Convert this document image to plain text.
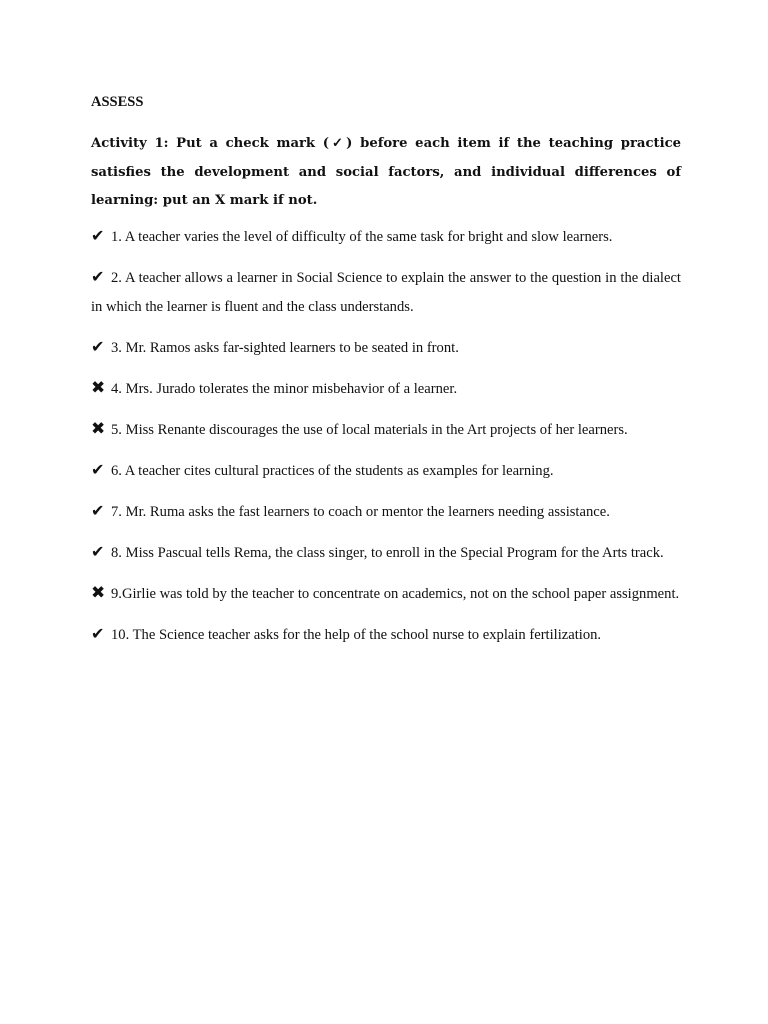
ASSESS
Activity 1: Put a check mark (✓) before each item if the teaching practice satisfies the development and social factors, and individual differences of learning: put an X mark if not.
✔ 1. A teacher varies the level of difficulty of the same task for bright and slow learners.
✔ 2. A teacher allows a learner in Social Science to explain the answer to the question in the dialect in which the learner is fluent and the class understands.
✔ 3. Mr. Ramos asks far-sighted learners to be seated in front.
✖ 4. Mrs. Jurado tolerates the minor misbehavior of a learner.
✖ 5. Miss Renante discourages the use of local materials in the Art projects of her learners.
✔ 6. A teacher cites cultural practices of the students as examples for learning.
✔ 7. Mr. Ruma asks the fast learners to coach or mentor the learners needing assistance.
✔ 8. Miss Pascual tells Rema, the class singer, to enroll in the Special Program for the Arts track.
✖ 9.Girlie was told by the teacher to concentrate on academics, not on the school paper assignment.
✔ 10. The Science teacher asks for the help of the school nurse to explain fertilization.
